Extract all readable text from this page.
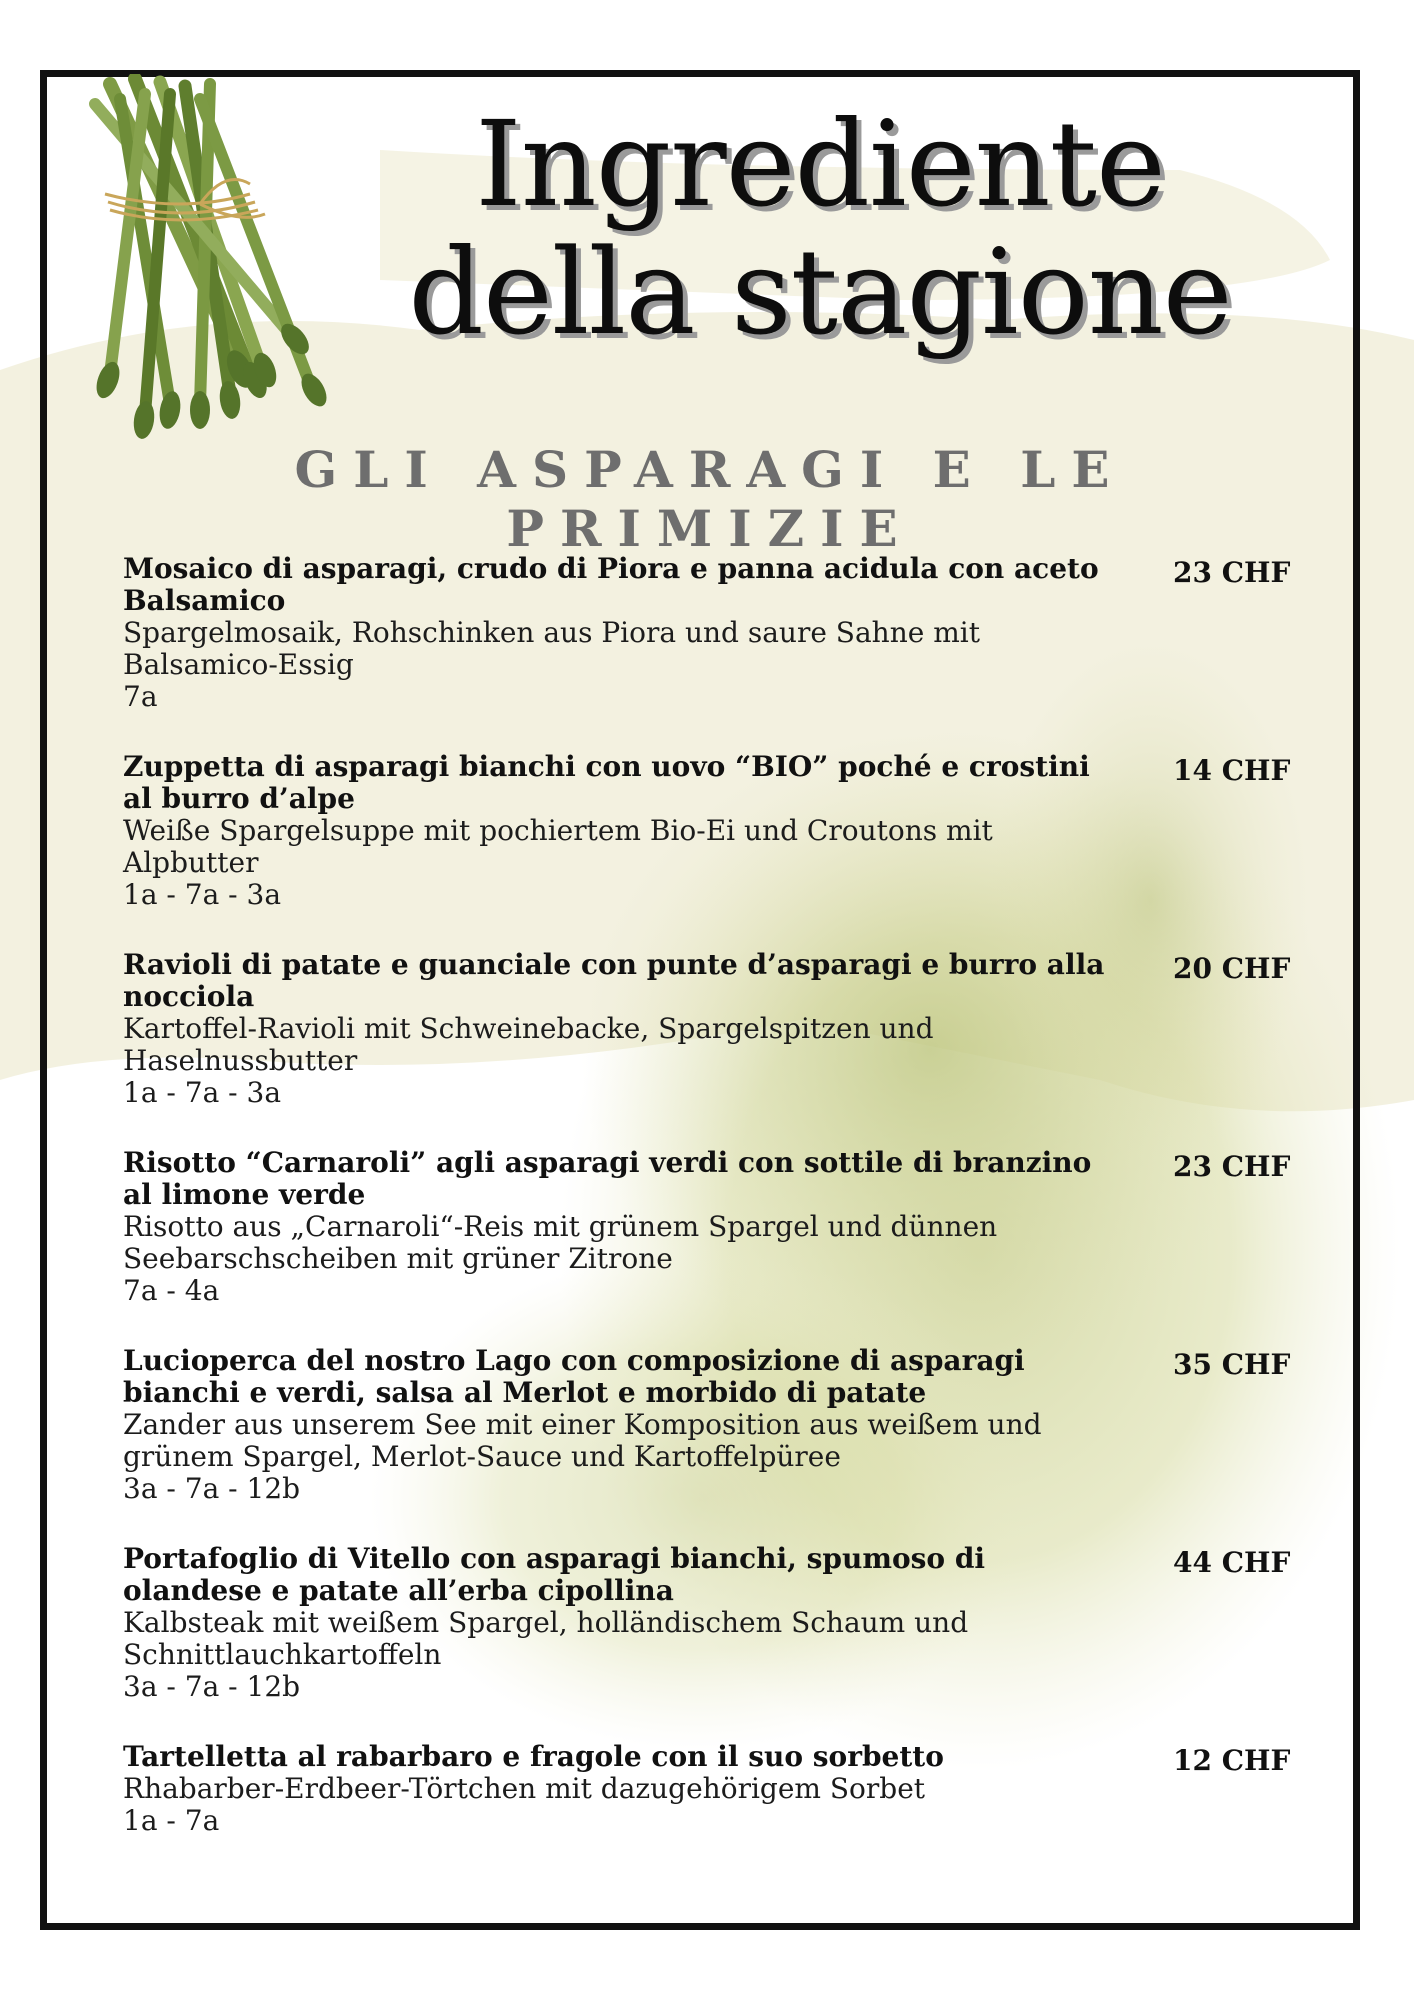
Ingrediente
della stagione
GLI ASPARAGI E LE PRIMIZIE
Mosaico di asparagi, crudo di Piora e panna acidula con aceto Balsamico
Spargelmosaik, Rohschinken aus Piora und saure Sahne mit Balsamico-Essig
7a
23 CHF
Zuppetta di asparagi bianchi con uovo “BIO” poché e crostini al burro d’alpe
Weiße Spargelsuppe mit pochiertem Bio-Ei und Croutons mit Alpbutter
1a - 7a - 3a
14 CHF
Ravioli di patate e guanciale con punte d’asparagi e burro alla nocciola
Kartoffel-Ravioli mit Schweinebacke, Spargelspitzen und Haselnussbutter
1a - 7a - 3a
20 CHF
Risotto “Carnaroli” agli asparagi verdi con sottile di branzino al limone verde
Risotto aus „Carnaroli“-Reis mit grünem Spargel und dünnen Seebarschscheiben mit grüner Zitrone
7a - 4a
23 CHF
Lucioperca del nostro Lago con composizione di asparagi bianchi e verdi, salsa al Merlot e morbido di patate
Zander aus unserem See mit einer Komposition aus weißem und grünem Spargel, Merlot-Sauce und Kartoffelpüree
3a - 7a - 12b
35 CHF
Portafoglio di Vitello con asparagi bianchi, spumoso di olandese e patate all’erba cipollina
Kalbsteak mit weißem Spargel, holländischem Schaum und Schnittlauchkartoffeln
3a - 7a - 12b
44 CHF
Tartelletta al rabarbaro e fragole con il suo sorbetto
Rhabarber-Erdbeer-Törtchen mit dazugehörigem Sorbet
1a - 7a
12 CHF
